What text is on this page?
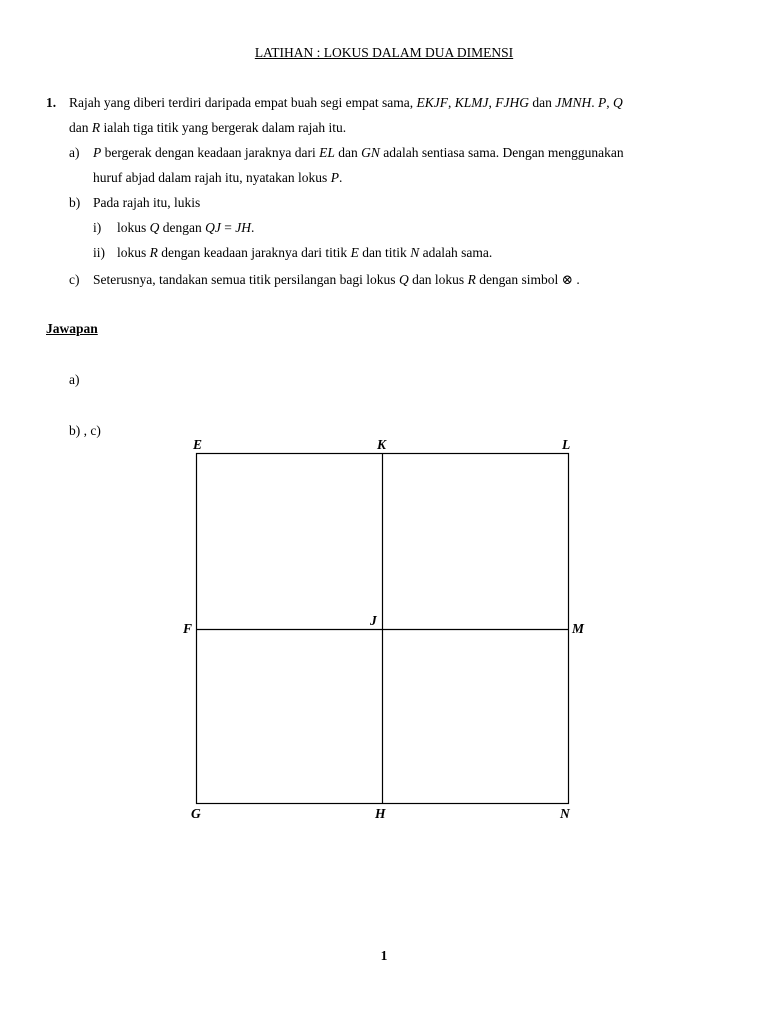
LATIHAN : LOKUS DALAM DUA DIMENSI
1. Rajah yang diberi terdiri daripada empat buah segi empat sama, EKJF, KLMJ, FJHG dan JMNH. P, Q
dan R ialah tiga titik yang bergerak dalam rajah itu.
a) P bergerak dengan keadaan jaraknya dari EL dan GN adalah sentiasa sama. Dengan menggunakan
huruf abjad dalam rajah itu, nyatakan lokus P.
b) Pada rajah itu, lukis
i) lokus Q dengan QJ = JH.
ii) lokus R dengan keadaan jaraknya dari titik E dan titik N adalah sama.
c) Seterusnya, tandakan semua titik persilangan bagi lokus Q dan lokus R dengan simbol ⊗ .
Jawapan
a)
b) , c)
E	K	L
F
J
M
G	H	N
1
